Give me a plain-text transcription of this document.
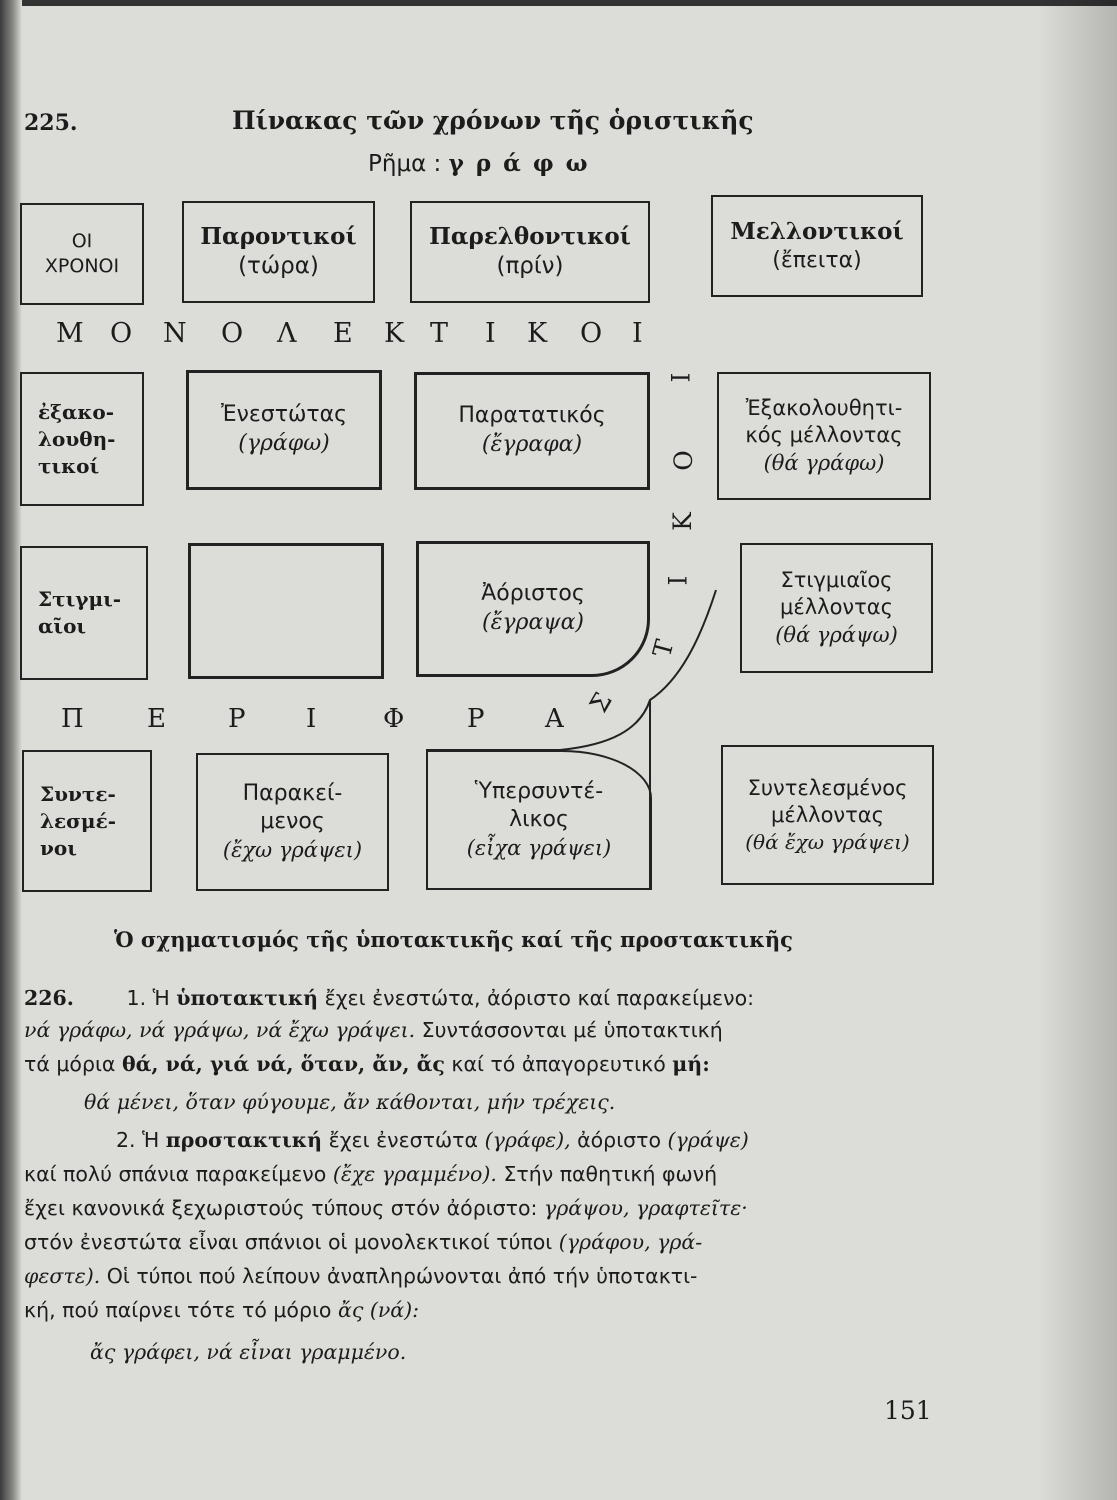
225.	Πίνακας τῶν χρόνων τῆς ὁριστικῆς
Ρῆμα : γ ρ ά φ ω
ΟΙ
ΧΡΟΝΟΙ
Παροντικοί
(τώρα)
Παρελθοντικοί
(πρίν)
Μελλοντικοί
(ἔπειτα)
Μ Ο Ν Ο Λ Ε Κ Τ Ι Κ Ο Ι
ἐξακο-
λουθη-
τικοί
Ἐνεστώτας
(γράφω)
Παρατατικός
(ἔγραφα)
Ἐξακολουθητι-
κός μέλλοντας
(θά γράφω)
Στιγμι-
αῖοι
Ἀόριστος
(ἔγραψα)
Στιγμιαῖος
μέλλοντας
(θά γράψω)
Π Ε Ρ Ι	Φ Ρ Α
Σ
Τ
Ι
Κ
Ο
Ι
Συντε-
λεσμέ-
νοι
Παρακεί-
μενος
(ἔχω γράψει)
Ὑπερσυντέ-
λικος
(εἶχα γράψει)
Συντελεσμένος
μέλλοντας
(θά ἔχω γράψει)
Ὁ σχηματισμός τῆς ὑποτακτικῆς καί τῆς προστακτικῆς
226.	1. Ἡ ὑποτακτική ἔχει ἐνεστώτα, ἀόριστο καί παρακείμενο:
νά γράφω, νά γράψω, νά ἔχω γράψει. Συντάσσονται μέ ὑποτακτική
τά μόρια θά, νά, γιά νά, ὅταν, ἄν, ἄς καί τό ἀπαγορευτικό μή:
θά μένει, ὅταν φύγουμε, ἄν κάθονται, μήν τρέχεις.
2. Ἡ προστακτική ἔχει ἐνεστώτα (γράφε), ἀόριστο (γράψε)
καί πολύ σπάνια παρακείμενο (ἔχε γραμμένο). Στήν παθητική φωνή
ἔχει κανονικά ξεχωριστούς τύπους στόν ἀόριστο: γράψου, γραφτεῖτε·
στόν ἐνεστώτα εἶναι σπάνιοι οἱ μονολεκτικοί τύποι (γράφου, γρά-
φεστε). Οἱ τύποι πού λείπουν ἀναπληρώνονται ἀπό τήν ὑποτακτι-
κή, πού παίρνει τότε τό μόριο ἄς (νά):
ἄς γράφει, νά εἶναι γραμμένο.
151
